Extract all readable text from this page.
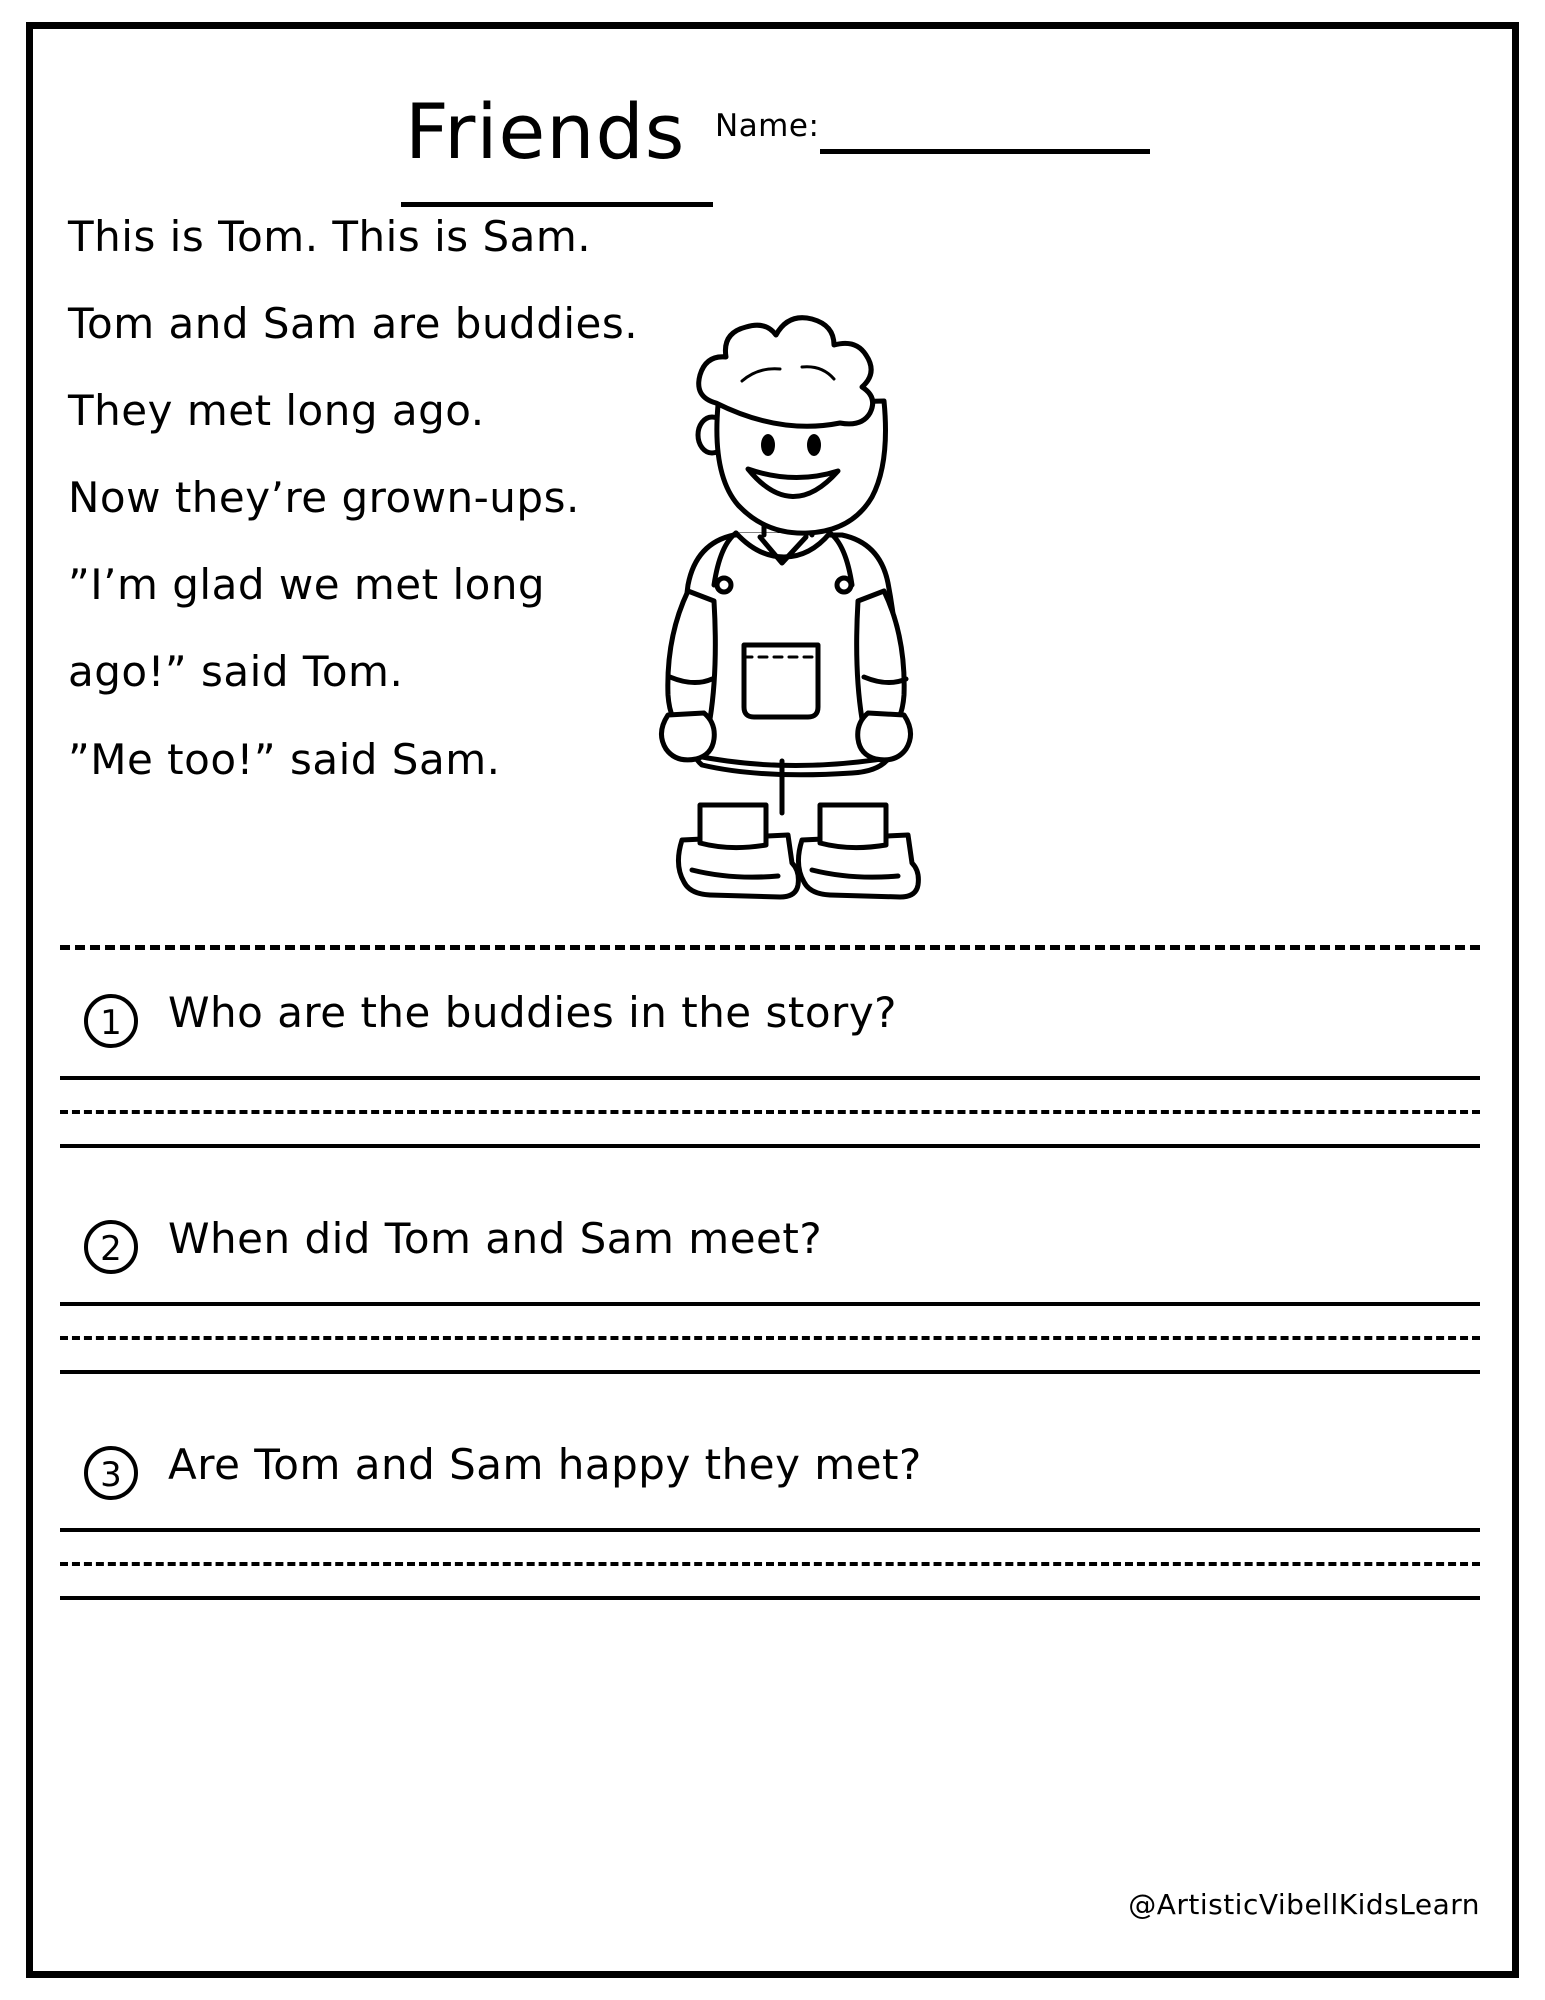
Friends Name:

This is Tom. This is Sam.

Tom and Sam are buddies.

They met long ago.

Now they’re grown-ups.

”I’m glad we met long

ago!” said Tom.

”Me too!” said Sam.

1	Who are the buddies in the story?
2	When did Tom and Sam meet?
3	Are Tom and Sam happy they met?
@ArtisticVibellKidsLearn
